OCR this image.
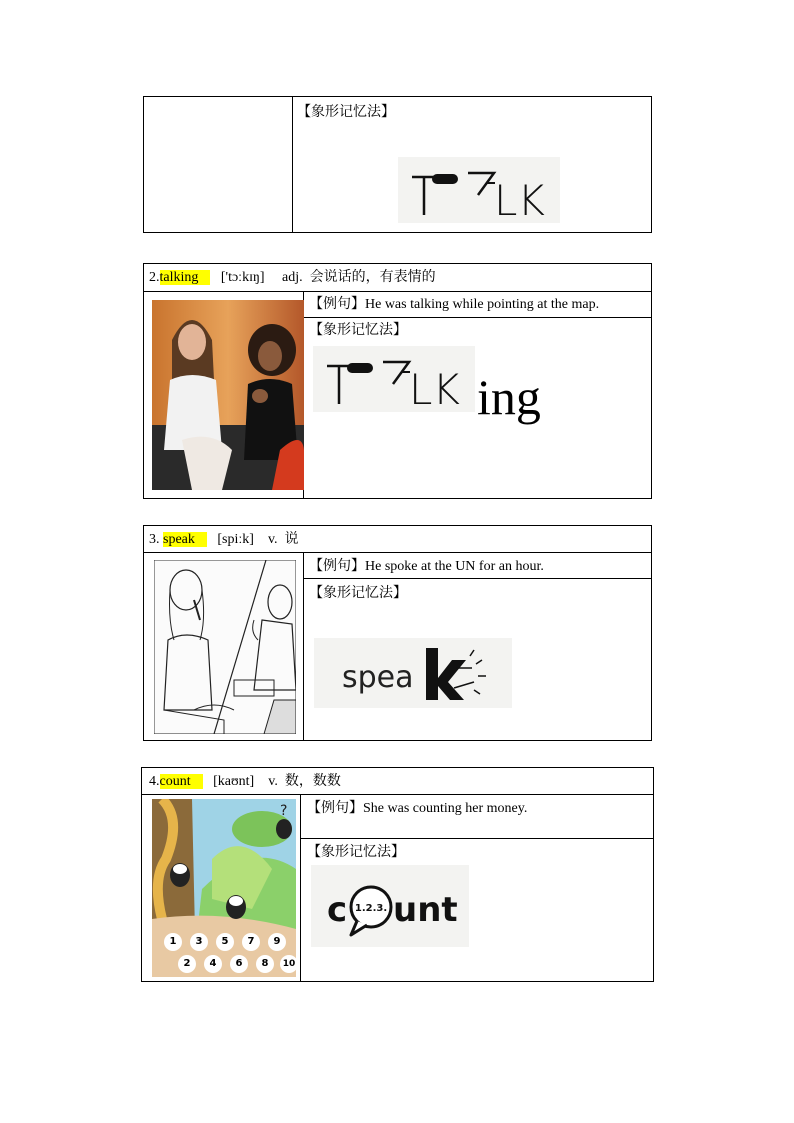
【象形记忆法】
LK
2.talking ['tɔːkɪŋ] adj. 会说话的，有表情的
【例句】He was talking while pointing at the map.
【象形记忆法】
LK ing
3. speak [spiːk] v. 说
【例句】He spoke at the UN for an hour.
【象形记忆法】
spea
4.count [kaʊnt] v. 数，数数
?
1	3	5	7	9
2	4	6	8	10
【例句】She was counting her money.
【象形记忆法】
c 1.2.3. unt
